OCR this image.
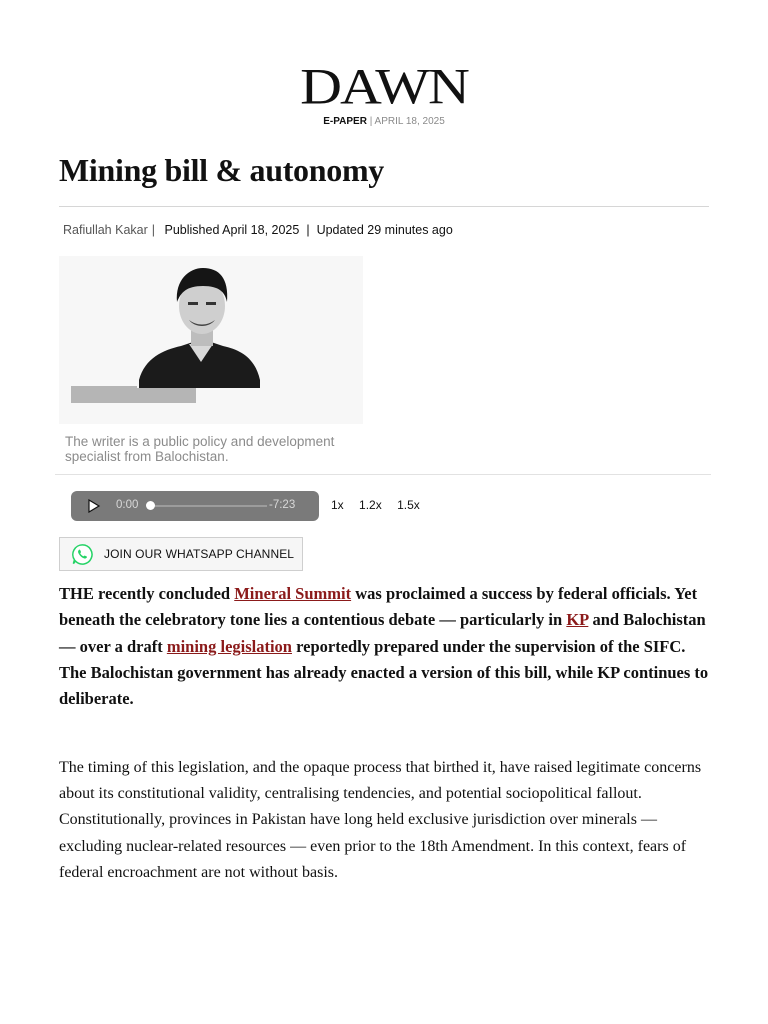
DAWN
E-PAPER | APRIL 18, 2025
Mining bill & autonomy
Rafiullah Kakar | Published April 18, 2025 | Updated 29 minutes ago
The writer is a public policy and development specialist from Balochistan.
0:00	-7:23	1x 1.2x 1.5x
JOIN OUR WHATSAPP CHANNEL

THE recently concluded Mineral Summit was proclaimed a success by federal officials. Yet beneath the celebratory tone lies a contentious debate — particularly in KP and Balochistan — over a draft mining legislation reportedly prepared under the supervision of the SIFC. The Balochistan government has already enacted a version of this bill, while KP continues to deliberate.

The timing of this legislation, and the opaque process that birthed it, have raised legitimate concerns about its constitutional validity, centralising tendencies, and potential sociopolitical fallout. Constitutionally, provinces in Pakistan have long held exclusive jurisdiction over minerals — excluding nuclear-related resources — even prior to the 18th Amendment. In this context, fears of federal encroachment are not without basis.
